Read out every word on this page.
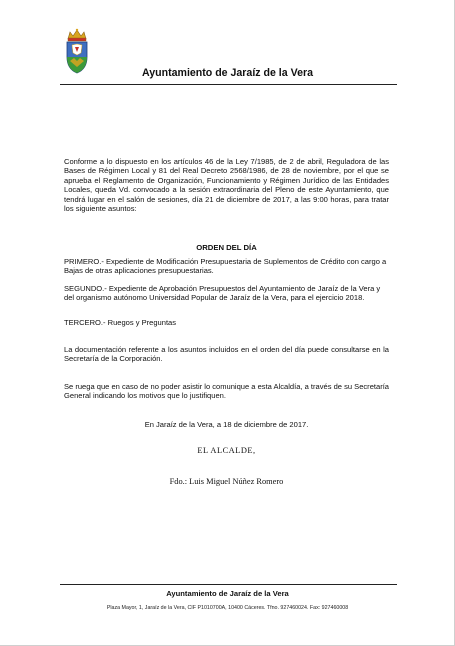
Ayuntamiento de Jaraíz de la Vera
Conforme a lo dispuesto en los artículos 46 de la Ley 7/1985, de 2 de abril, Reguladora de las Bases de Régimen Local y 81 del Real Decreto 2568/1986, de 28 de noviembre, por el que se aprueba el Reglamento de Organización, Funcionamiento y Régimen Jurídico de las Entidades Locales, queda Vd. convocado a la sesión extraordinaria del Pleno de este Ayuntamiento, que tendrá lugar en el salón de sesiones, día 21 de diciembre de 2017, a las 9:00 horas, para tratar los siguiente asuntos:
ORDEN DEL DÍA
PRIMERO.- Expediente de Modificación Presupuestaria de Suplementos de Crédito con cargo a Bajas de otras aplicaciones presupuestarias.
SEGUNDO.- Expediente de Aprobación Presupuestos del Ayuntamiento de Jaraíz de la Vera y del organismo autónomo Universidad Popular de Jaraíz de la Vera, para el ejercicio 2018.
TERCERO.- Ruegos y Preguntas
La documentación referente a los asuntos incluidos en el orden del día puede consultarse en la Secretaría de la Corporación.
Se ruega que en caso de no poder asistir lo comunique a esta Alcaldía, a través de su Secretaría General indicando los motivos que lo justifiquen.
En Jaraíz de la Vera, a 18 de diciembre de 2017.
EL ALCALDE,
Fdo.: Luis Miguel Núñez Romero
Ayuntamiento de Jaraíz de la Vera
Plaza Mayor, 1, Jaraíz de la Vera, CIF P1010700A, 10400 Cáceres. Tfno. 927460024. Fax: 927460008
